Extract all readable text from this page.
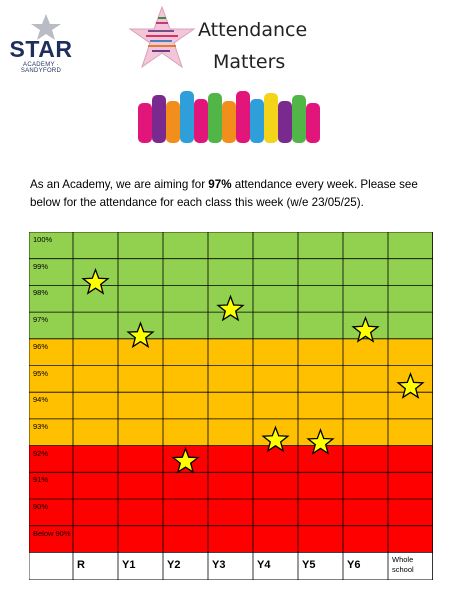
STAR
ACADEMY · SANDYFORD
Attendance
Matters
As an Academy, we are aiming for 97% attendance every week. Please see below for the attendance for each class this week (w/e 23/05/25).
100%
99%
98%
97%
96%
95%
94%
93%
92%
91%
90%
Below 90%
R	Y1	Y2	Y3	Y4	Y5	Y6	Whole school
